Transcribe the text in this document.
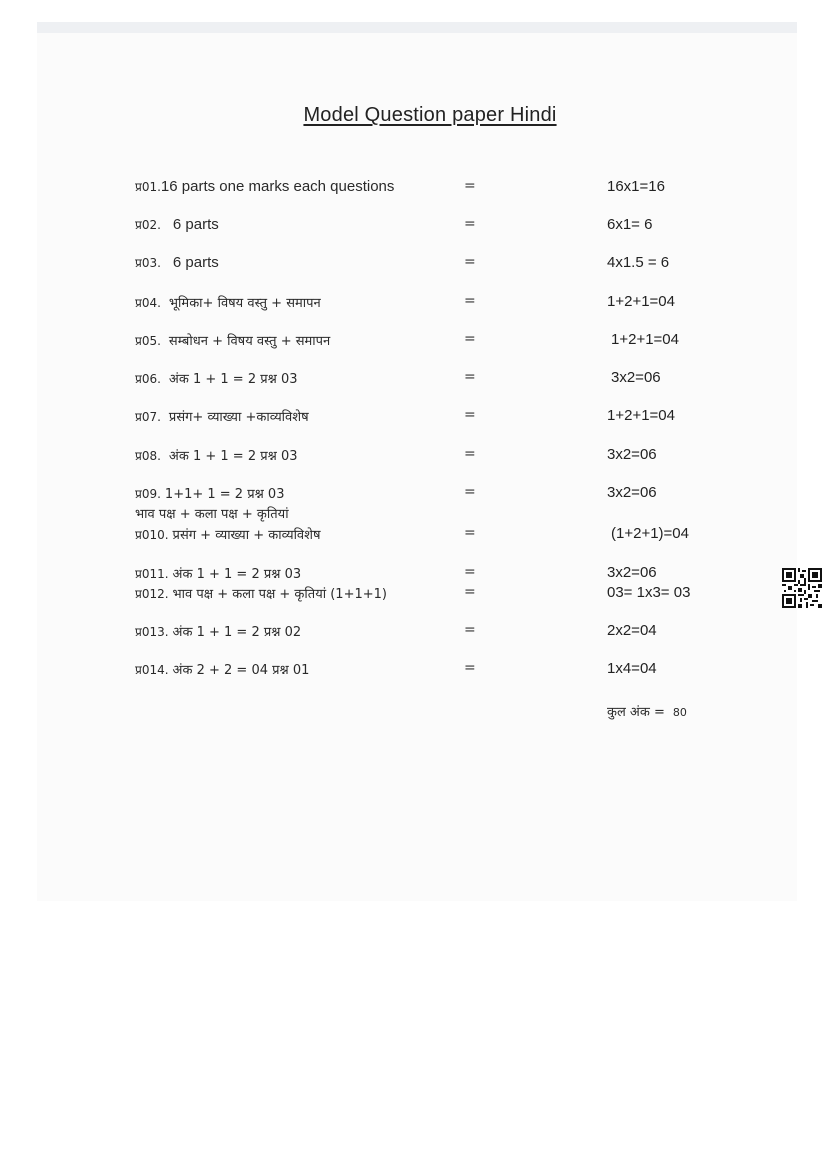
Model Question paper Hindi
प्र01.16 parts one marks each questions	=	16x1=16
प्र02. 6 parts	=	6x1= 6
प्र03. 6 parts	=	4x1.5 = 6
प्र04. भूमिका+ विषय वस्तु + समापन	=	1+2+1=04
प्र05. सम्बोधन + विषय वस्तु + समापन	=	1+2+1=04
प्र06. अंक 1 + 1 = 2 प्रश्न 03	=	3x2=06
प्र07. प्रसंग+ व्याख्या +काव्यविशेष	=	1+2+1=04
प्र08. अंक 1 + 1 = 2 प्रश्न 03	=	3x2=06
प्र09. 1+1+ 1 = 2 प्रश्न 03	=	3x2=06
भाव पक्ष + कला पक्ष + कृतियां
प्र010. प्रसंग + व्याख्या + काव्यविशेष	=	(1+2+1)=04
प्र011. अंक 1 + 1 = 2 प्रश्न 03	=	3x2=06
प्र012. भाव पक्ष + कला पक्ष + कृतियां (1+1+1)	=	03= 1x3= 03
प्र013. अंक 1 + 1 = 2 प्रश्न 02	=	2x2=04
प्र014. अंक 2 + 2 = 04 प्रश्न 01	=	1x4=04
कुल अंक = 80
